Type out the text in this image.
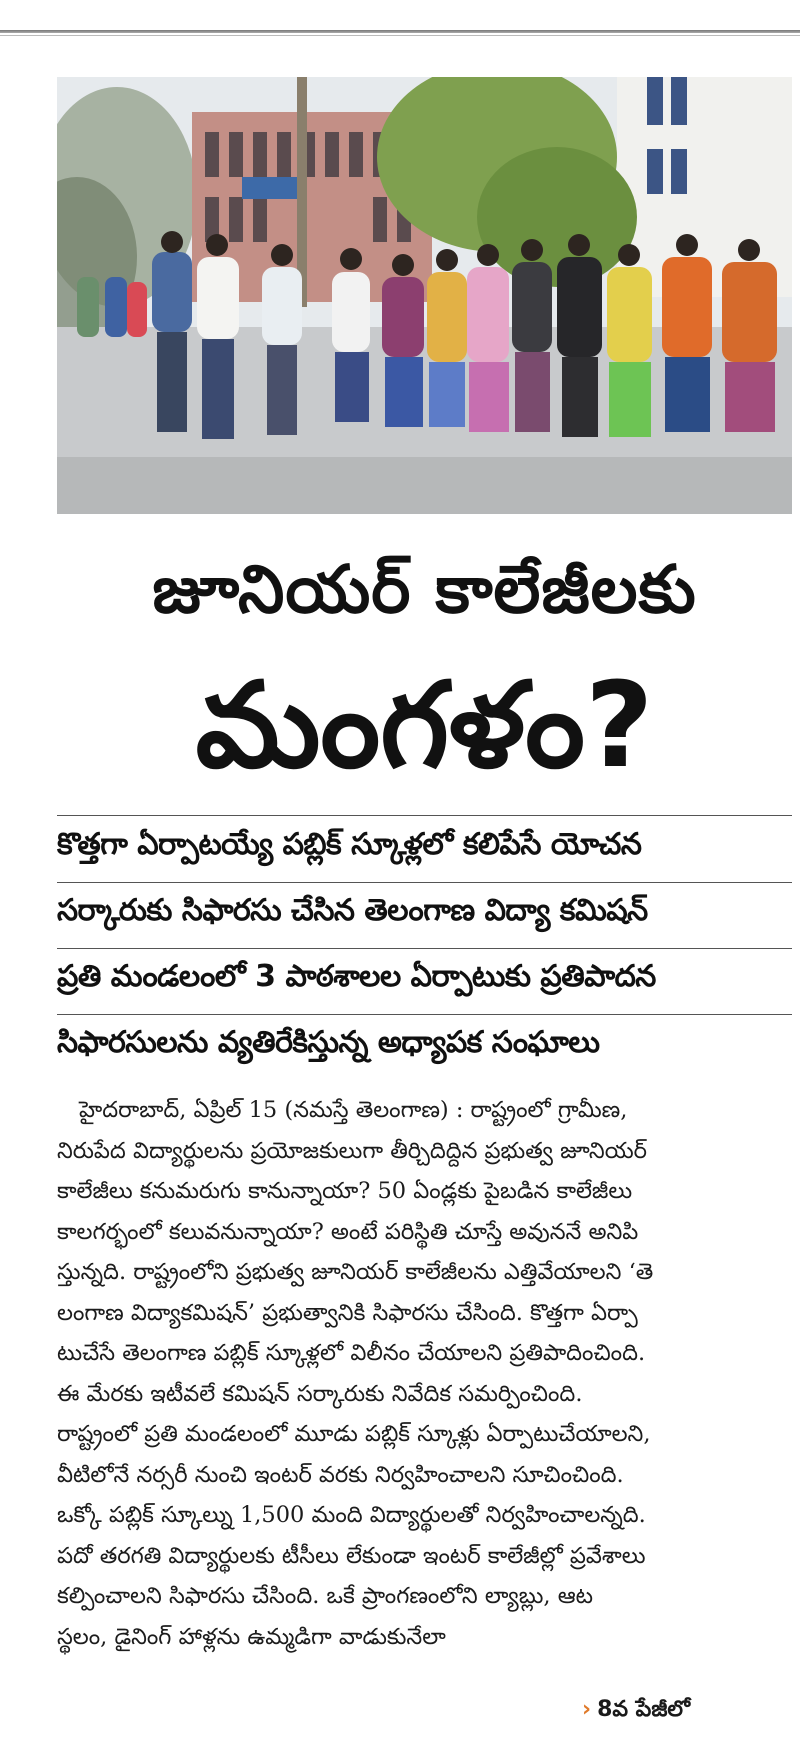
జూనియర్ కాలేజీలకు
మంగళం?
కొత్తగా ఏర్పాటయ్యే పబ్లిక్ స్కూళ్లలో కలిపేసే యోచన
సర్కారుకు సిఫారసు చేసిన తెలంగాణ విద్యా కమిషన్
ప్రతి మండలంలో 3 పాఠశాలల ఏర్పాటుకు ప్రతిపాదన
సిఫారసులను వ్యతిరేకిస్తున్న అధ్యాపక సంఘాలు
హైదరాబాద్, ఏప్రిల్ 15 (నమస్తే తెలంగాణ) : రాష్ట్రంలో గ్రామీణ,
నిరుపేద విద్యార్థులను ప్రయోజకులుగా తీర్చిదిద్దిన ప్రభుత్వ జూనియర్
కాలేజీలు కనుమరుగు కానున్నాయా? 50 ఏండ్లకు పైబడిన కాలేజీలు
కాలగర్భంలో కలువనున్నాయా? అంటే పరిస్థితి చూస్తే అవుననే అనిపి
స్తున్నది. రాష్ట్రంలోని ప్రభుత్వ జూనియర్ కాలేజీలను ఎత్తివేయాలని ‘తె
లంగాణ విద్యాకమిషన్’ ప్రభుత్వానికి సిఫారసు చేసింది. కొత్తగా ఏర్పా
టుచేసే తెలంగాణ పబ్లిక్ స్కూళ్లలో విలీనం చేయాలని ప్రతిపాదించింది.
ఈ మేరకు ఇటీవలే కమిషన్ సర్కారుకు నివేదిక సమర్పించింది.
రాష్ట్రంలో ప్రతి మండలంలో మూడు పబ్లిక్ స్కూళ్లు ఏర్పాటుచేయాలని,
వీటిలోనే నర్సరీ నుంచి ఇంటర్ వరకు నిర్వహించాలని సూచించింది.
ఒక్కో పబ్లిక్ స్కూల్ను 1,500 మంది విద్యార్థులతో నిర్వహించాలన్నది.
పదో తరగతి విద్యార్థులకు టీసీలు లేకుండా ఇంటర్ కాలేజీల్లో ప్రవేశాలు
కల్పించాలని సిఫారసు చేసింది. ఒకే ప్రాంగణంలోని ల్యాబ్లు, ఆట
స్థలం, డైనింగ్ హాళ్లను ఉమ్మడిగా వాడుకునేలా
› 8వ పేజీలో
